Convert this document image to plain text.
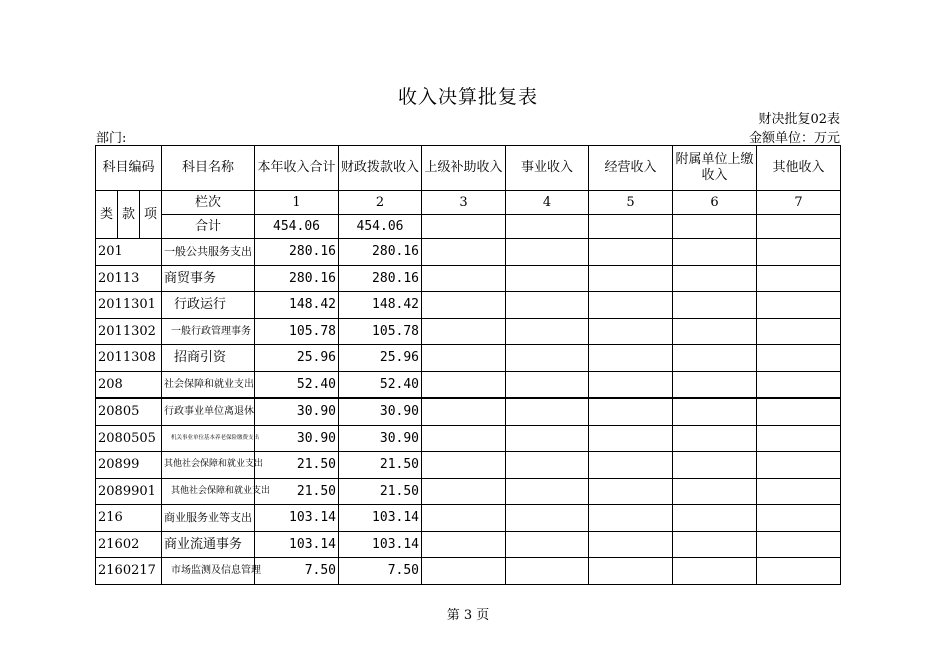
收入决算批复表
财决批复02表
部门:	金额单位：万元
科目编码			科目名称	本年收入合计	财政拨款收入	上级补助收入	事业收入	经营收入	附属单位上缴收入	其他收入
类	款	项	栏次	1	2	3	4	5	6	7
			合计	454.06	454.06					
201			一般公共服务支出	280.16	280.16					
20113			商贸事务	280.16	280.16					
2011301			行政运行	148.42	148.42					
2011302			一般行政管理事务	105.78	105.78					
2011308			招商引资	25.96	25.96					
208			社会保障和就业支出	52.40	52.40					
20805			行政事业单位离退休	30.90	30.90					
2080505			机关事业单位基本养老保险缴费支出	30.90	30.90					
20899			其他社会保障和就业支出	21.50	21.50					
2089901			其他社会保障和就业支出	21.50	21.50					
216			商业服务业等支出	103.14	103.14					
21602			商业流通事务	103.14	103.14					
2160217			市场监测及信息管理	7.50	7.50					
第 3 页
